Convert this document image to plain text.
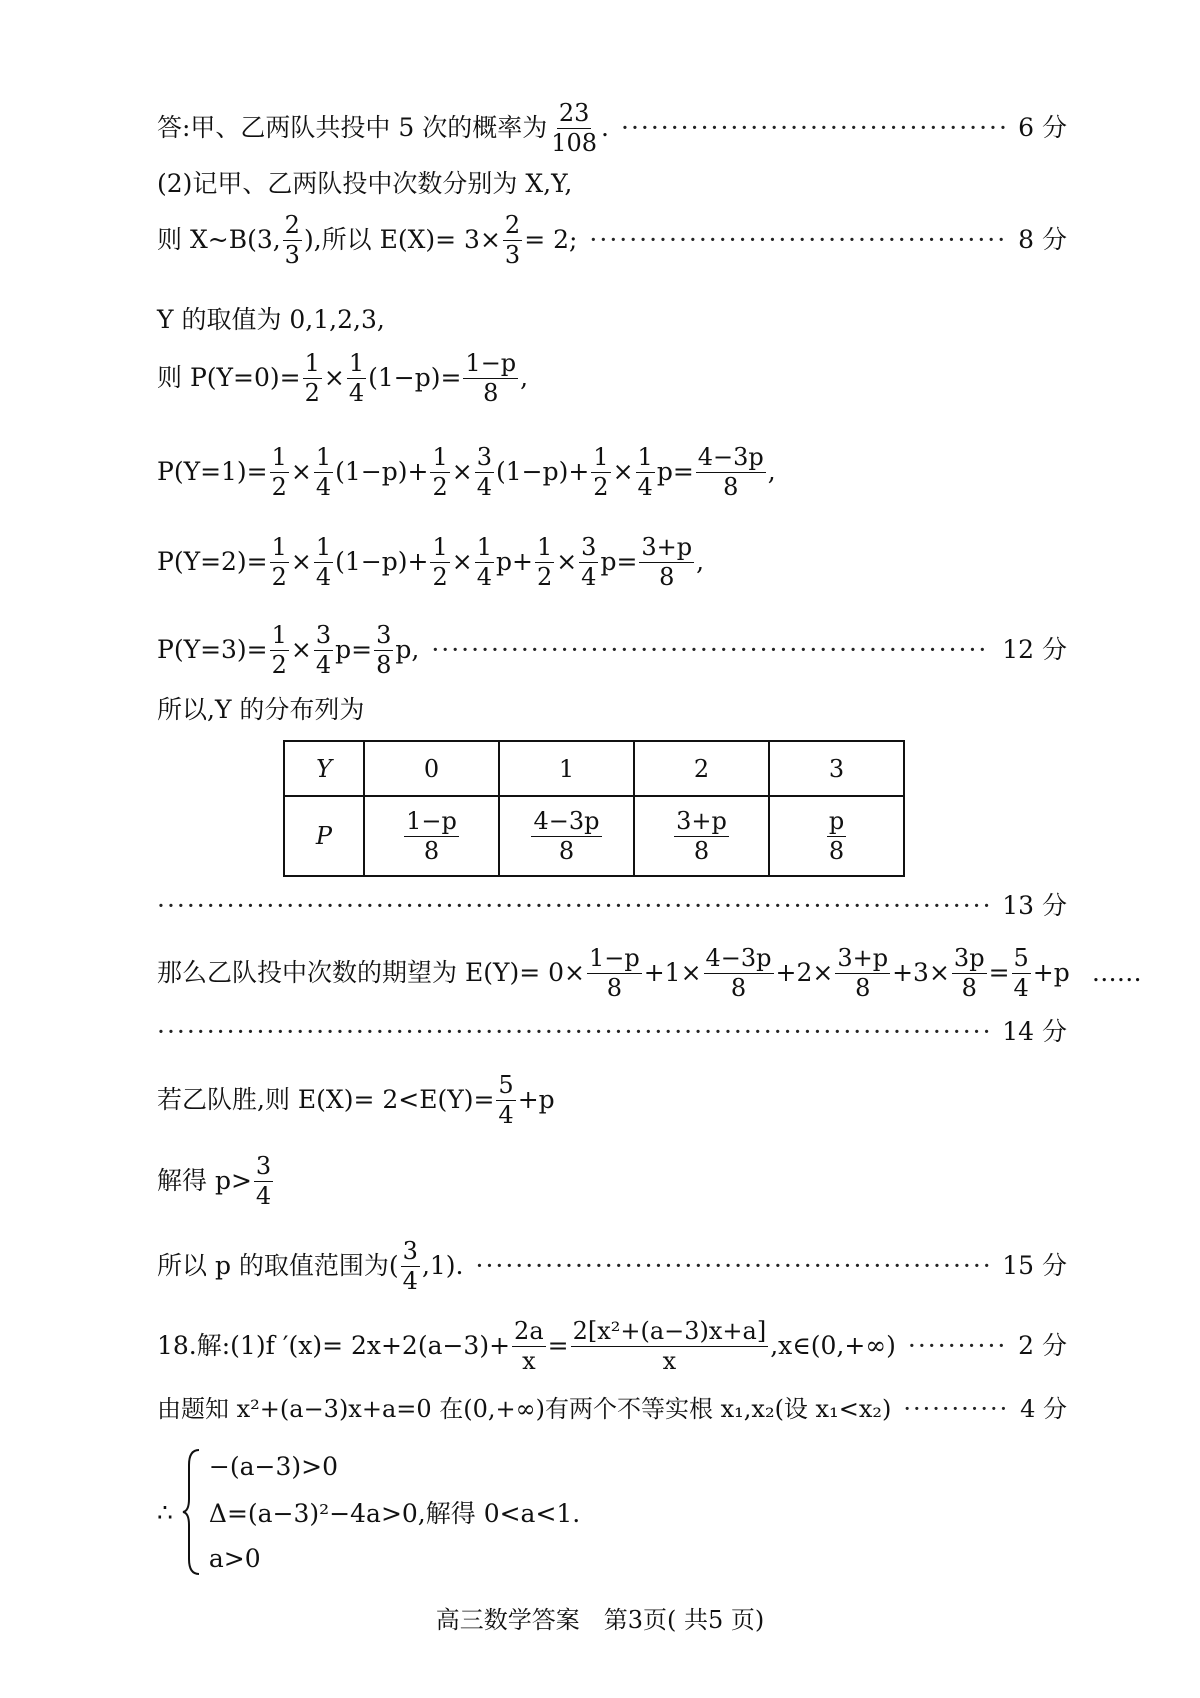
答:甲、乙两队共投中 5 次的概率为 $\frac{23}{108}$ . ·····	6 分
(2)记甲、乙两队投中次数分别为 X,Y,
则 X~B(3, $\frac{2}{3}$ ),所以 $E(X)= 3\times \frac{2}{3} = 2$; ·····	8 分
Y 的取值为 0,1,2,3,
则 $P(Y=0)= \frac{1}{2} \times \frac{1}{4} (1-p)= \frac{1-p}{8}$ ,
$P(Y=1)= \frac{1}{2} \times \frac{1}{4} (1-p)+ \frac{1}{2} \times \frac{3}{4} (1-p)+ \frac{1}{2} \times \frac{1}{4} p= \frac{4-3p}{8}$ ,
$P(Y=2)= \frac{1}{2} \times \frac{1}{4} (1-p)+ \frac{1}{2} \times \frac{1}{4} p+ \frac{1}{2} \times \frac{3}{4} p= \frac{3+p}{8}$ ,
$P(Y=3)= \frac{1}{2} \times \frac{3}{4} p= \frac{3}{8} p$, ·····	12 分
所以,Y 的分布列为
Y	0	1	2	3
P	$\frac{1-p}{8}$	$\frac{4-3p}{8}$	$\frac{3+p}{8}$	$\frac{p}{8}$
·····
13 分
那么乙队投中次数的期望为 $E(Y)= 0\times \frac{1-p}{8} +1\times \frac{4-3p}{8} +2\times \frac{3+p}{8} +3\times \frac{3p}{8} = \frac{5}{4} +p$ ……
·····
14 分
若乙队胜,则 $E(X)= 2<E(Y)= \frac{5}{4} +p$
解得 $p> \frac{3}{4}$
所以 p 的取值范围为( $\frac{3}{4} ,1$). ·····	15 分
18.解:(1)f $'(x)= 2x+2(a-3)+ \frac{2a}{x} = \frac{\text{2[x²+(a−3)x+a]}}{x}$ ,x∈(0,+∞) ·····	2 分
由题知 x²+(a−3)x+a=0 在(0,+∞)有两个不等实根 x₁,x₂(设 x₁<x₂) ·····	4 分
∴
−(a−3)>0
Δ=(a−3)²−4a>0,解得 0<a<1.
a>0
高三数学答案　第3页( 共5 页)
